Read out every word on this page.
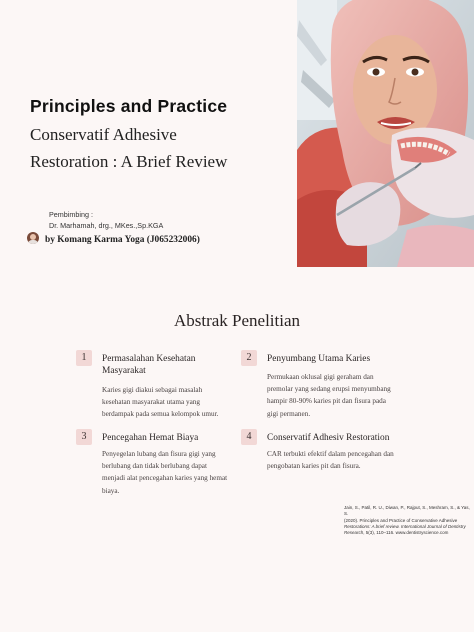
Principles and Practice
Conservatif Adhesive
Restoration : A Brief Review
Pembimbing :
Dr. Marhamah, drg., MKes.,Sp.KGA
by Komang Karma Yoga (J065232006)
Abstrak Penelitian
1	Permasalahan Kesehatan
Masyarakat
Karies gigi diakui sebagai masalah
kesehatan masyarakat utama yang
berdampak pada semua kelompok umur.
2	Penyumbang Utama Karies
Permukaan oklusal gigi geraham dan
premolar yang sedang erupsi menyumbang
hampir 80-90% karies pit dan fisura pada
gigi permanen.
3	Pencegahan Hemat Biaya
Penyegelan lubang dan fisura gigi yang
berlubang dan tidak berlubang dapat
menjadi alat pencegahan karies yang hemat
biaya.
4	Conservatif Adhesiv Restoration
CAR terbukti efektif dalam pencegahan dan
pengobatan karies pit dan fisura.
Jain, S., Patil, R. U., Diwan, P., Rajput, S., Meshram, S., & Yas, S.
(2020). Principles and Practice of Conservative Adhesive
Restorations: A brief review. International Journal of Dentistry
Research, 5(3), 110–116. www.dentistryscience.com
